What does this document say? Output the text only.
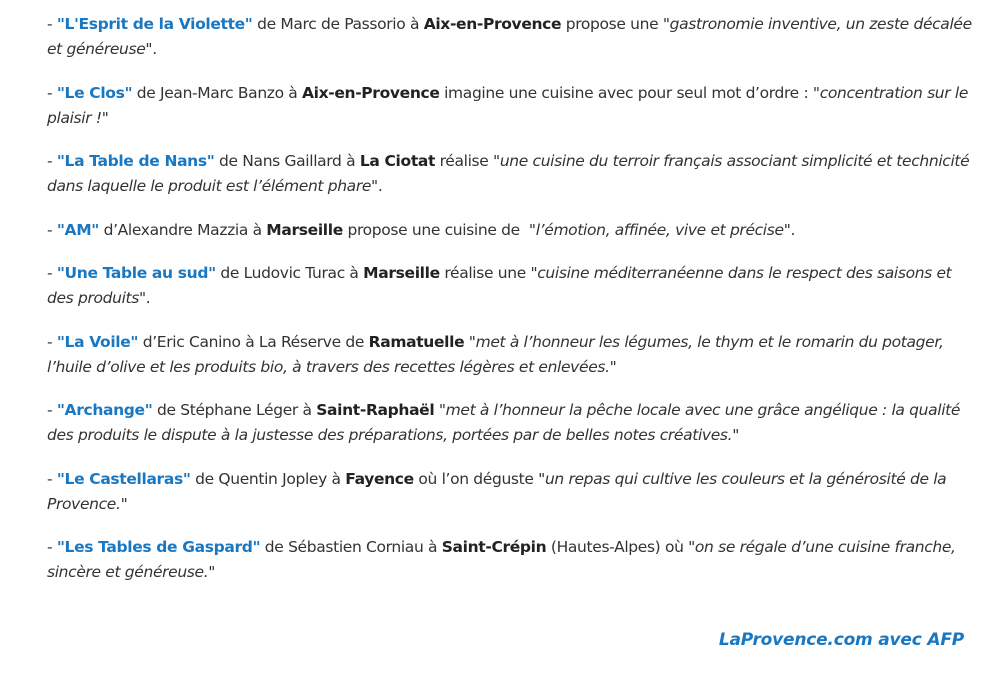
- "L'Esprit de la Violette" de Marc de Passorio à Aix-en-Provence propose une "gastronomie inventive, un zeste décalée et généreuse".

- "Le Clos" de Jean-Marc Banzo à Aix-en-Provence imagine une cuisine avec pour seul mot d’ordre : "concentration sur le plaisir !"

- "La Table de Nans" de Nans Gaillard à La Ciotat réalise "une cuisine du terroir français associant simplicité et technicité dans laquelle le produit est l’élément phare".

- "AM" d’Alexandre Mazzia à Marseille propose une cuisine de  "l’émotion, affinée, vive et précise".

- "Une Table au sud" de Ludovic Turac à Marseille réalise une "cuisine méditerranéenne dans le respect des saisons et des produits".

- "La Voile" d’Eric Canino à La Réserve de Ramatuelle "met à l’honneur les légumes, le thym et le romarin du potager, l’huile d’olive et les produits bio, à travers des recettes légères et enlevées."

- "Archange" de Stéphane Léger à Saint-Raphaël "met à l’honneur la pêche locale avec une grâce angélique : la qualité des produits le dispute à la justesse des préparations, portées par de belles notes créatives."

- "Le Castellaras" de Quentin Jopley à Fayence où l’on déguste "un repas qui cultive les couleurs et la générosité de la Provence."

- "Les Tables de Gaspard" de Sébastien Corniau à Saint-Crépin (Hautes-Alpes) où "on se régale d’une cuisine franche, sincère et généreuse."

LaProvence.com avec AFP
